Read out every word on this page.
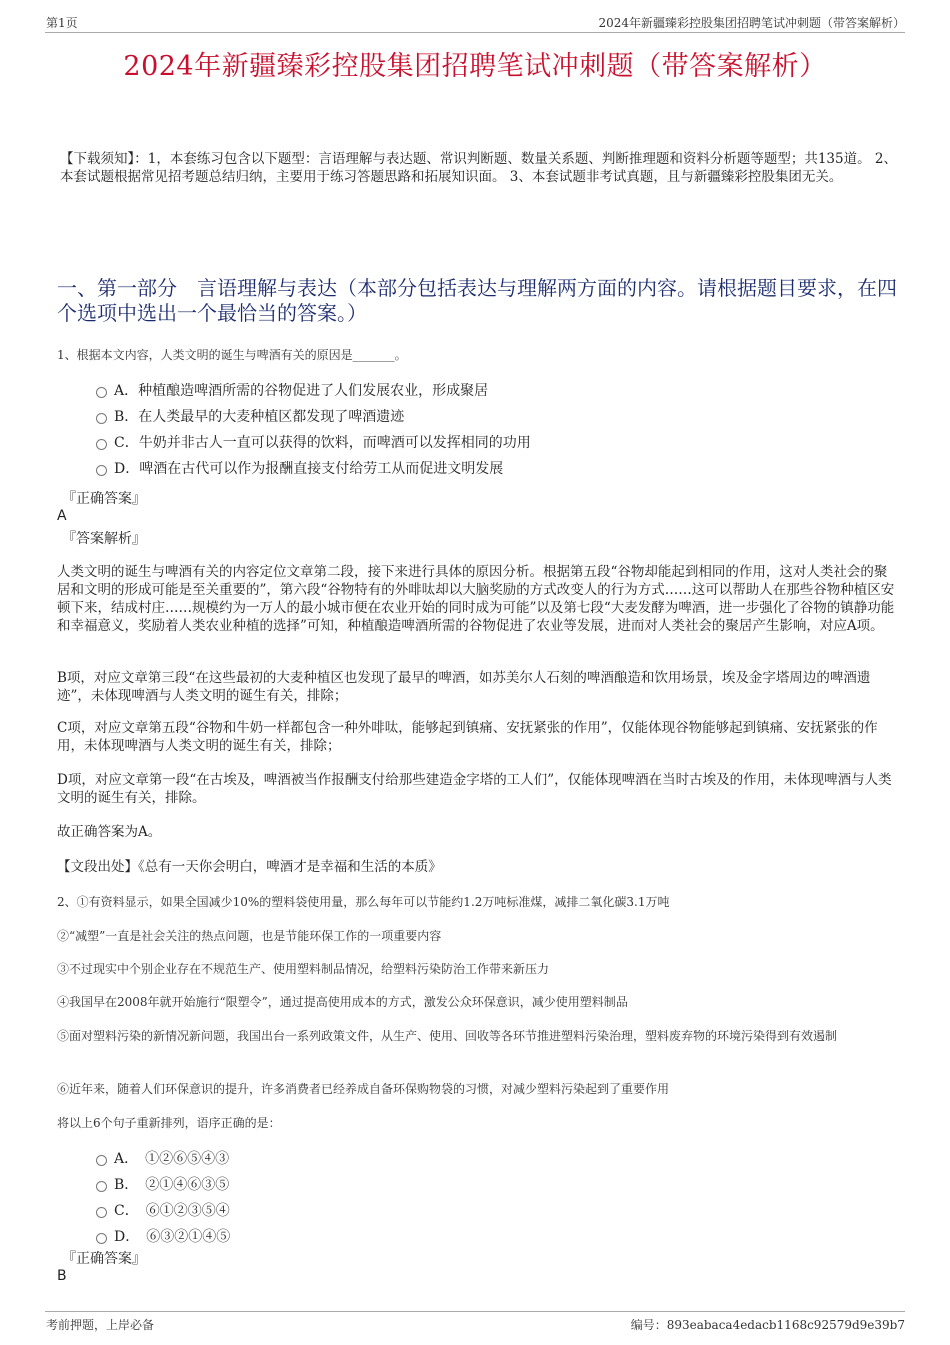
第1页	2024年新疆臻彩控股集团招聘笔试冲刺题（带答案解析）
2024年新疆臻彩控股集团招聘笔试冲刺题（带答案解析）
【下载须知】：1，本套练习包含以下题型：言语理解与表达题、常识判断题、数量关系题、判断推理题和资料分析题等题型；共135道。 2、本套试题根据常见招考题总结归纳，主要用于练习答题思路和拓展知识面。 3、本套试题非考试真题，且与新疆臻彩控股集团无关。
一、第一部分　言语理解与表达（本部分包括表达与理解两方面的内容。请根据题目要求，在四个选项中选出一个最恰当的答案。）
1、根据本文内容，人类文明的诞生与啤酒有关的原因是_______。
A．种植酿造啤酒所需的谷物促进了人们发展农业，形成聚居
B．在人类最早的大麦种植区都发现了啤酒遗迹
C．牛奶并非古人一直可以获得的饮料，而啤酒可以发挥相同的功用
D．啤酒在古代可以作为报酬直接支付给劳工从而促进文明发展
『正确答案』
A
『答案解析』
人类文明的诞生与啤酒有关的内容定位文章第二段，接下来进行具体的原因分析。根据第五段“谷物却能起到相同的作用，这对人类社会的聚居和文明的形成可能是至关重要的”，第六段“谷物特有的外啡呔却以大脑奖励的方式改变人的行为方式……这可以帮助人在那些谷物种植区安顿下来，结成村庄……规模约为一万人的最小城市便在农业开始的同时成为可能”以及第七段“大麦发酵为啤酒，进一步强化了谷物的镇静功能和幸福意义，奖励着人类农业种植的选择”可知，种植酿造啤酒所需的谷物促进了农业等发展，进而对人类社会的聚居产生影响，对应A项。
B项，对应文章第三段“在这些最初的大麦种植区也发现了最早的啤酒，如苏美尔人石刻的啤酒酿造和饮用场景，埃及金字塔周边的啤酒遗迹”，未体现啤酒与人类文明的诞生有关，排除；
C项，对应文章第五段“谷物和牛奶一样都包含一种外啡呔，能够起到镇痛、安抚紧张的作用”，仅能体现谷物能够起到镇痛、安抚紧张的作用，未体现啤酒与人类文明的诞生有关，排除；
D项，对应文章第一段“在古埃及，啤酒被当作报酬支付给那些建造金字塔的工人们”，仅能体现啤酒在当时古埃及的作用，未体现啤酒与人类文明的诞生有关，排除。
故正确答案为A。
【文段出处】《总有一天你会明白，啤酒才是幸福和生活的本质》
2、①有资料显示，如果全国减少10%的塑料袋使用量，那么每年可以节能约1.2万吨标准煤，减排二氧化碳3.1万吨
②“减塑”一直是社会关注的热点问题，也是节能环保工作的一项重要内容
③不过现实中个别企业存在不规范生产、使用塑料制品情况，给塑料污染防治工作带来新压力
④我国早在2008年就开始施行“限塑令”，通过提高使用成本的方式，激发公众环保意识，减少使用塑料制品
⑤面对塑料污染的新情况新问题，我国出台一系列政策文件，从生产、使用、回收等各环节推进塑料污染治理，塑料废弃物的环境污染得到有效遏制
⑥近年来，随着人们环保意识的提升，许多消费者已经养成自备环保购物袋的习惯，对减少塑料污染起到了重要作用
将以上6个句子重新排列，语序正确的是：
A．　①②⑥⑤④③
B．　②①④⑥③⑤
C．　⑥①②③⑤④
D．　⑥③②①④⑤
『正确答案』
B
考前押题，上岸必备	编号：893eabaca4edacb1168c92579d9e39b7
